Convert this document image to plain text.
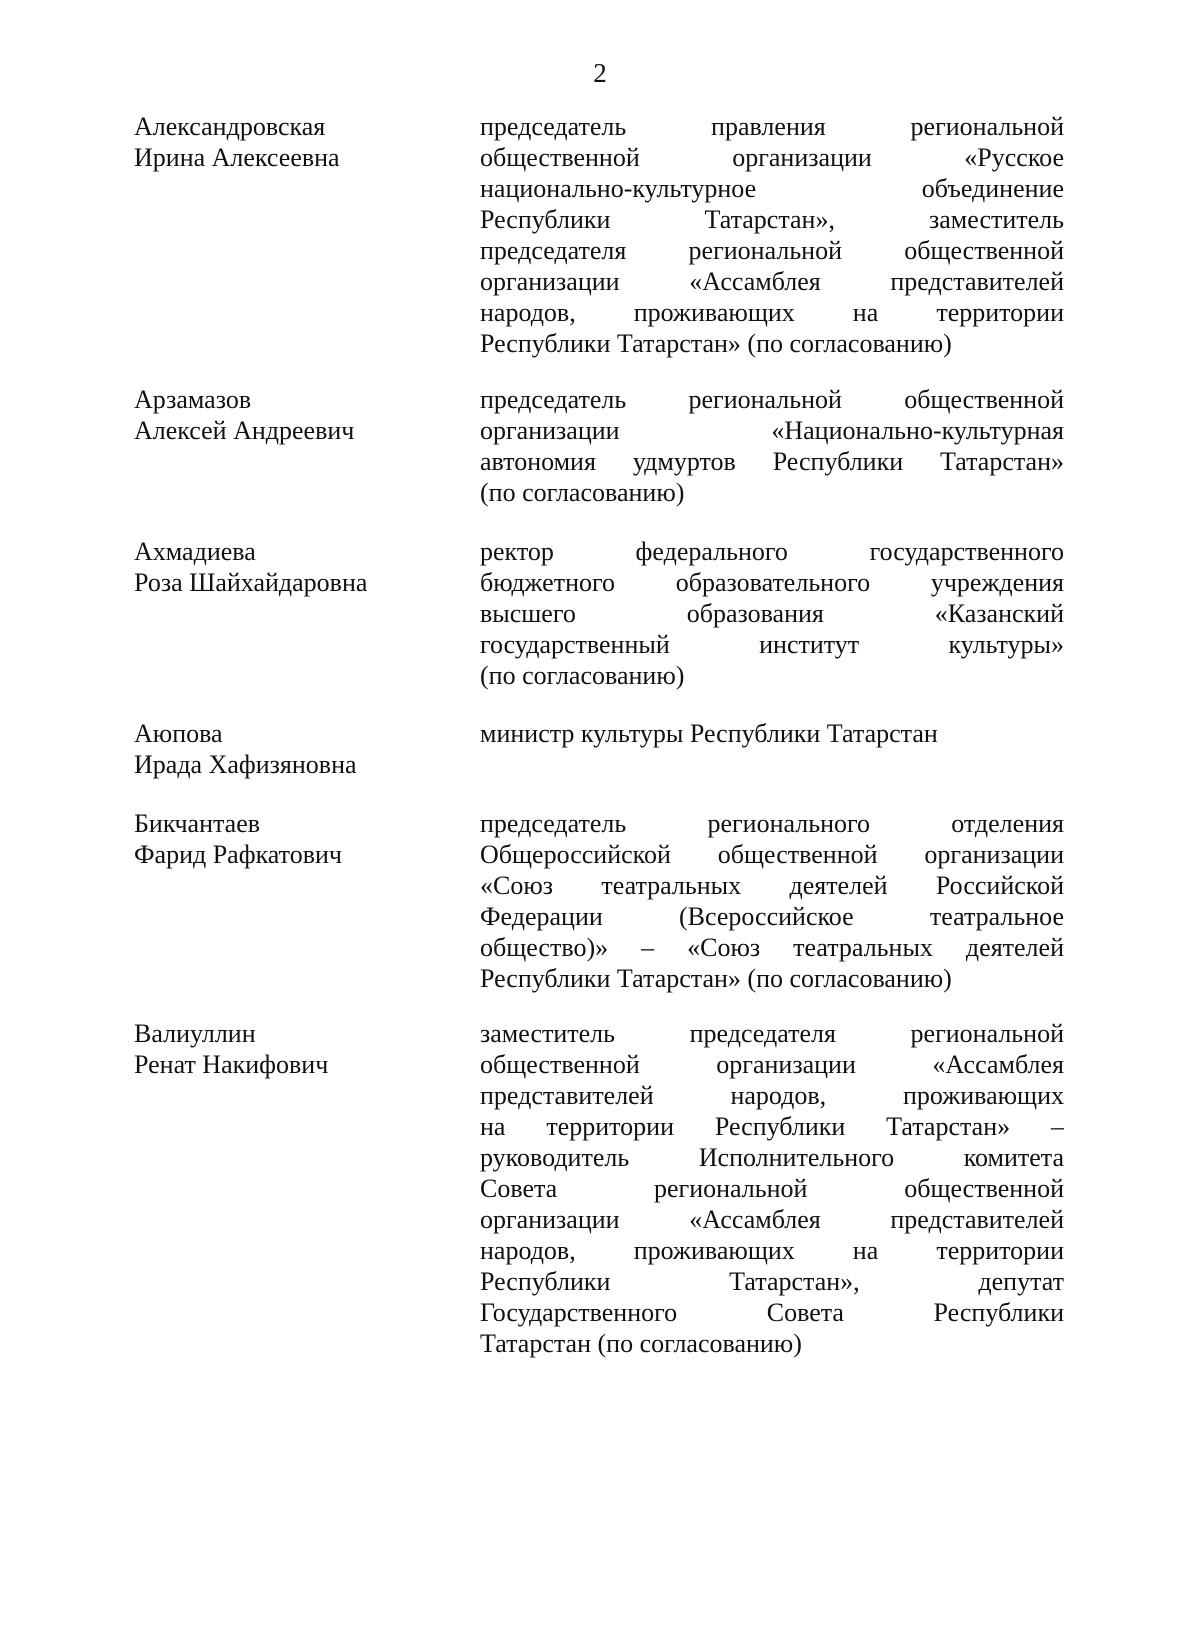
2
Александровская
Ирина Алексеевна
председатель правления региональной
общественной организации «Русское
национально-культурное объединение
Республики Татарстан», заместитель
председателя региональной общественной
организации «Ассамблея представителей
народов, проживающих на территории
Республики Татарстан» (по согласованию)
Арзамазов
Алексей Андреевич
председатель региональной общественной
организации «Национально-культурная
автономия удмуртов Республики Татарстан»
(по согласованию)
Ахмадиева
Роза Шайхайдаровна
ректор федерального государственного
бюджетного образовательного учреждения
высшего образования «Казанский
государственный институт культуры»
(по согласованию)
Аюпова
Ирада Хафизяновна
министр культуры Республики Татарстан
Бикчантаев
Фарид Рафкатович
председатель регионального отделения
Общероссийской общественной организации
«Союз театральных деятелей Российской
Федерации (Всероссийское театральное
общество)» – «Союз театральных деятелей
Республики Татарстан» (по согласованию)
Валиуллин
Ренат Накифович
заместитель председателя региональной
общественной организации «Ассамблея
представителей народов, проживающих
на территории Республики Татарстан» –
руководитель Исполнительного комитета
Совета региональной общественной
организации «Ассамблея представителей
народов, проживающих на территории
Республики Татарстан», депутат
Государственного Совета Республики
Татарстан (по согласованию)
